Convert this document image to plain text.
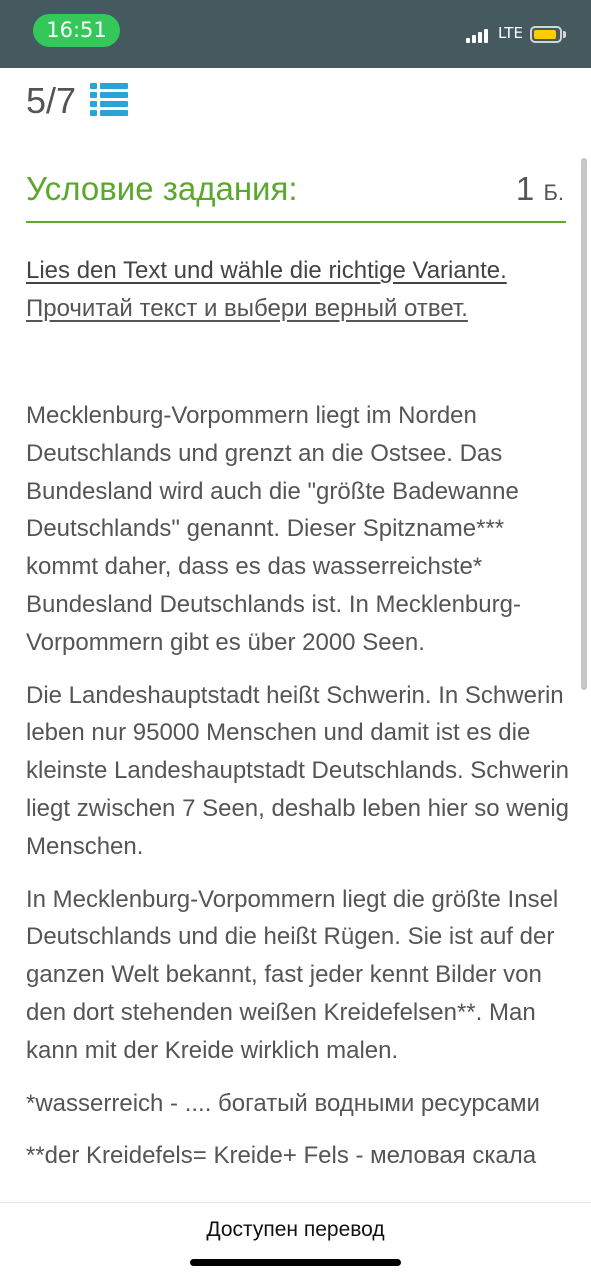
16:51	LTE
5/7
Условие задания:	1 Б.
Lies den Text und wähle die richtige Variante.
Прочитай текст и выбери верный ответ.

Mecklenburg-Vorpommern liegt im Norden Deutschlands und grenzt an die Ostsee. Das Bundesland wird auch die "größte Badewanne Deutschlands" genannt. Dieser Spitzname*** kommt daher, dass es das wasserreichste* Bundesland Deutschlands ist. In Mecklenburg-Vorpommern gibt es über 2000 Seen.

Die Landeshauptstadt heißt Schwerin. In Schwerin leben nur 95000 Menschen und damit ist es die kleinste Landeshauptstadt Deutschlands. Schwerin liegt zwischen 7 Seen, deshalb leben hier so wenig Menschen.

In Mecklenburg-Vorpommern liegt die größte Insel Deutschlands und die heißt Rügen. Sie ist auf der ganzen Welt bekannt, fast jeder kennt Bilder von den dort stehenden weißen Kreidefelsen**. Man kann mit der Kreide wirklich malen.

*wasserreich - .... богатый водными ресурсами

**der Kreidefels= Kreide+ Fels - меловая скала

Доступен перевод
